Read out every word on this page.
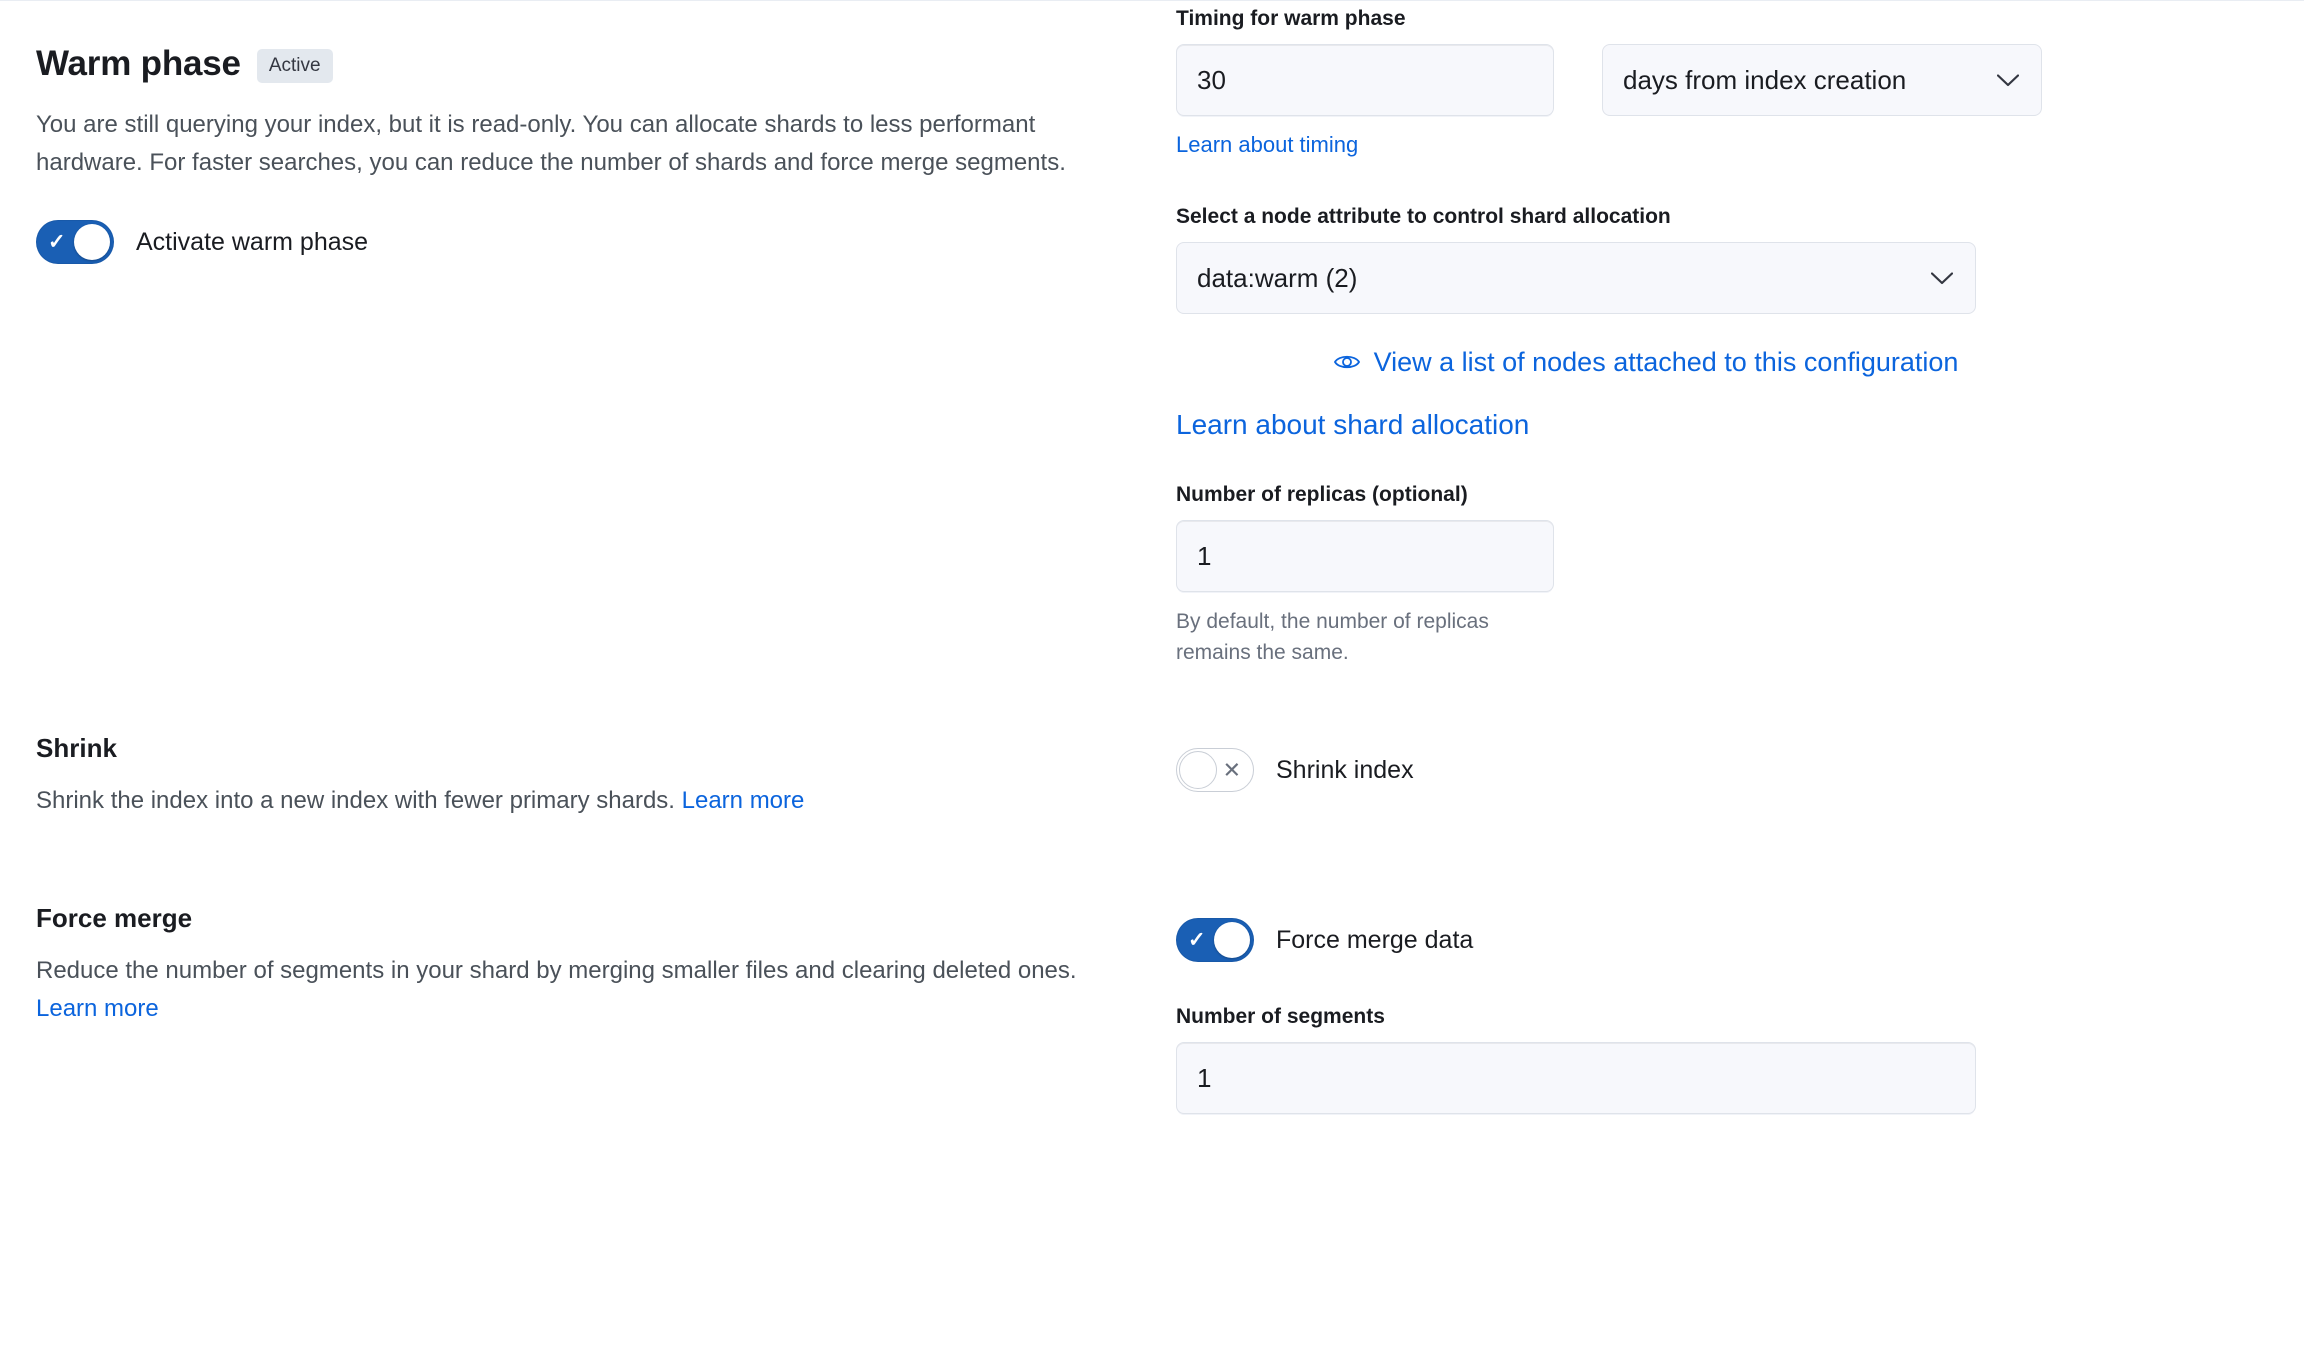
Warm phase	Active

You are still querying your index, but it is read-only. You can allocate shards to less performant hardware. For faster searches, you can reduce the number of shards and force merge segments.

✓	Activate warm phase
Timing for warm phase
30	days from index creation
Learn about timing
Select a node attribute to control shard allocation
data:warm (2)
View a list of nodes attached to this configuration
Learn about shard allocation
Number of replicas (optional)
1
By default, the number of replicas remains the same.
Shrink

Shrink the index into a new index with fewer primary shards. Learn more

✕ Shrink index
Force merge

Reduce the number of segments in your shard by merging smaller files and clearing deleted ones. Learn more

✓	Force merge data
Number of segments
1
